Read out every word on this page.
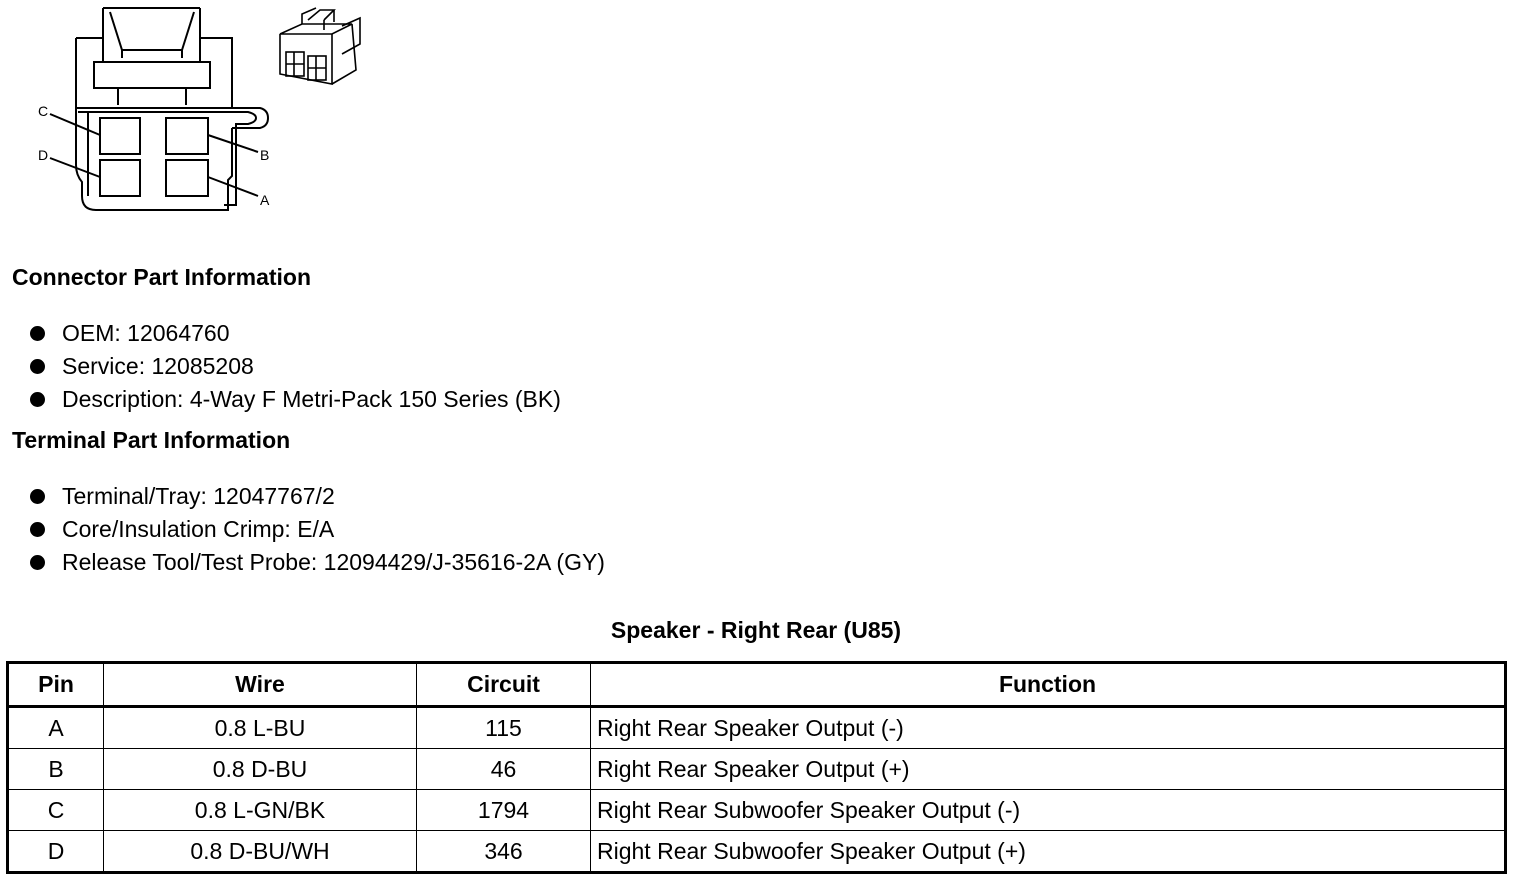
C
D	B
A
Connector Part Information
OEM: 12064760
Service: 12085208
Description: 4-Way F Metri-Pack 150 Series (BK)
Terminal Part Information
Terminal/Tray: 12047767/2
Core/Insulation Crimp: E/A
Release Tool/Test Probe: 12094429/J-35616-2A (GY)
Speaker - Right Rear (U85)
Pin	Wire	Circuit	Function
A	0.8 L-BU	115	Right Rear Speaker Output (-)
B	0.8 D-BU	46	Right Rear Speaker Output (+)
C	0.8 L-GN/BK	1794	Right Rear Subwoofer Speaker Output (-)
D	0.8 D-BU/WH	346	Right Rear Subwoofer Speaker Output (+)
